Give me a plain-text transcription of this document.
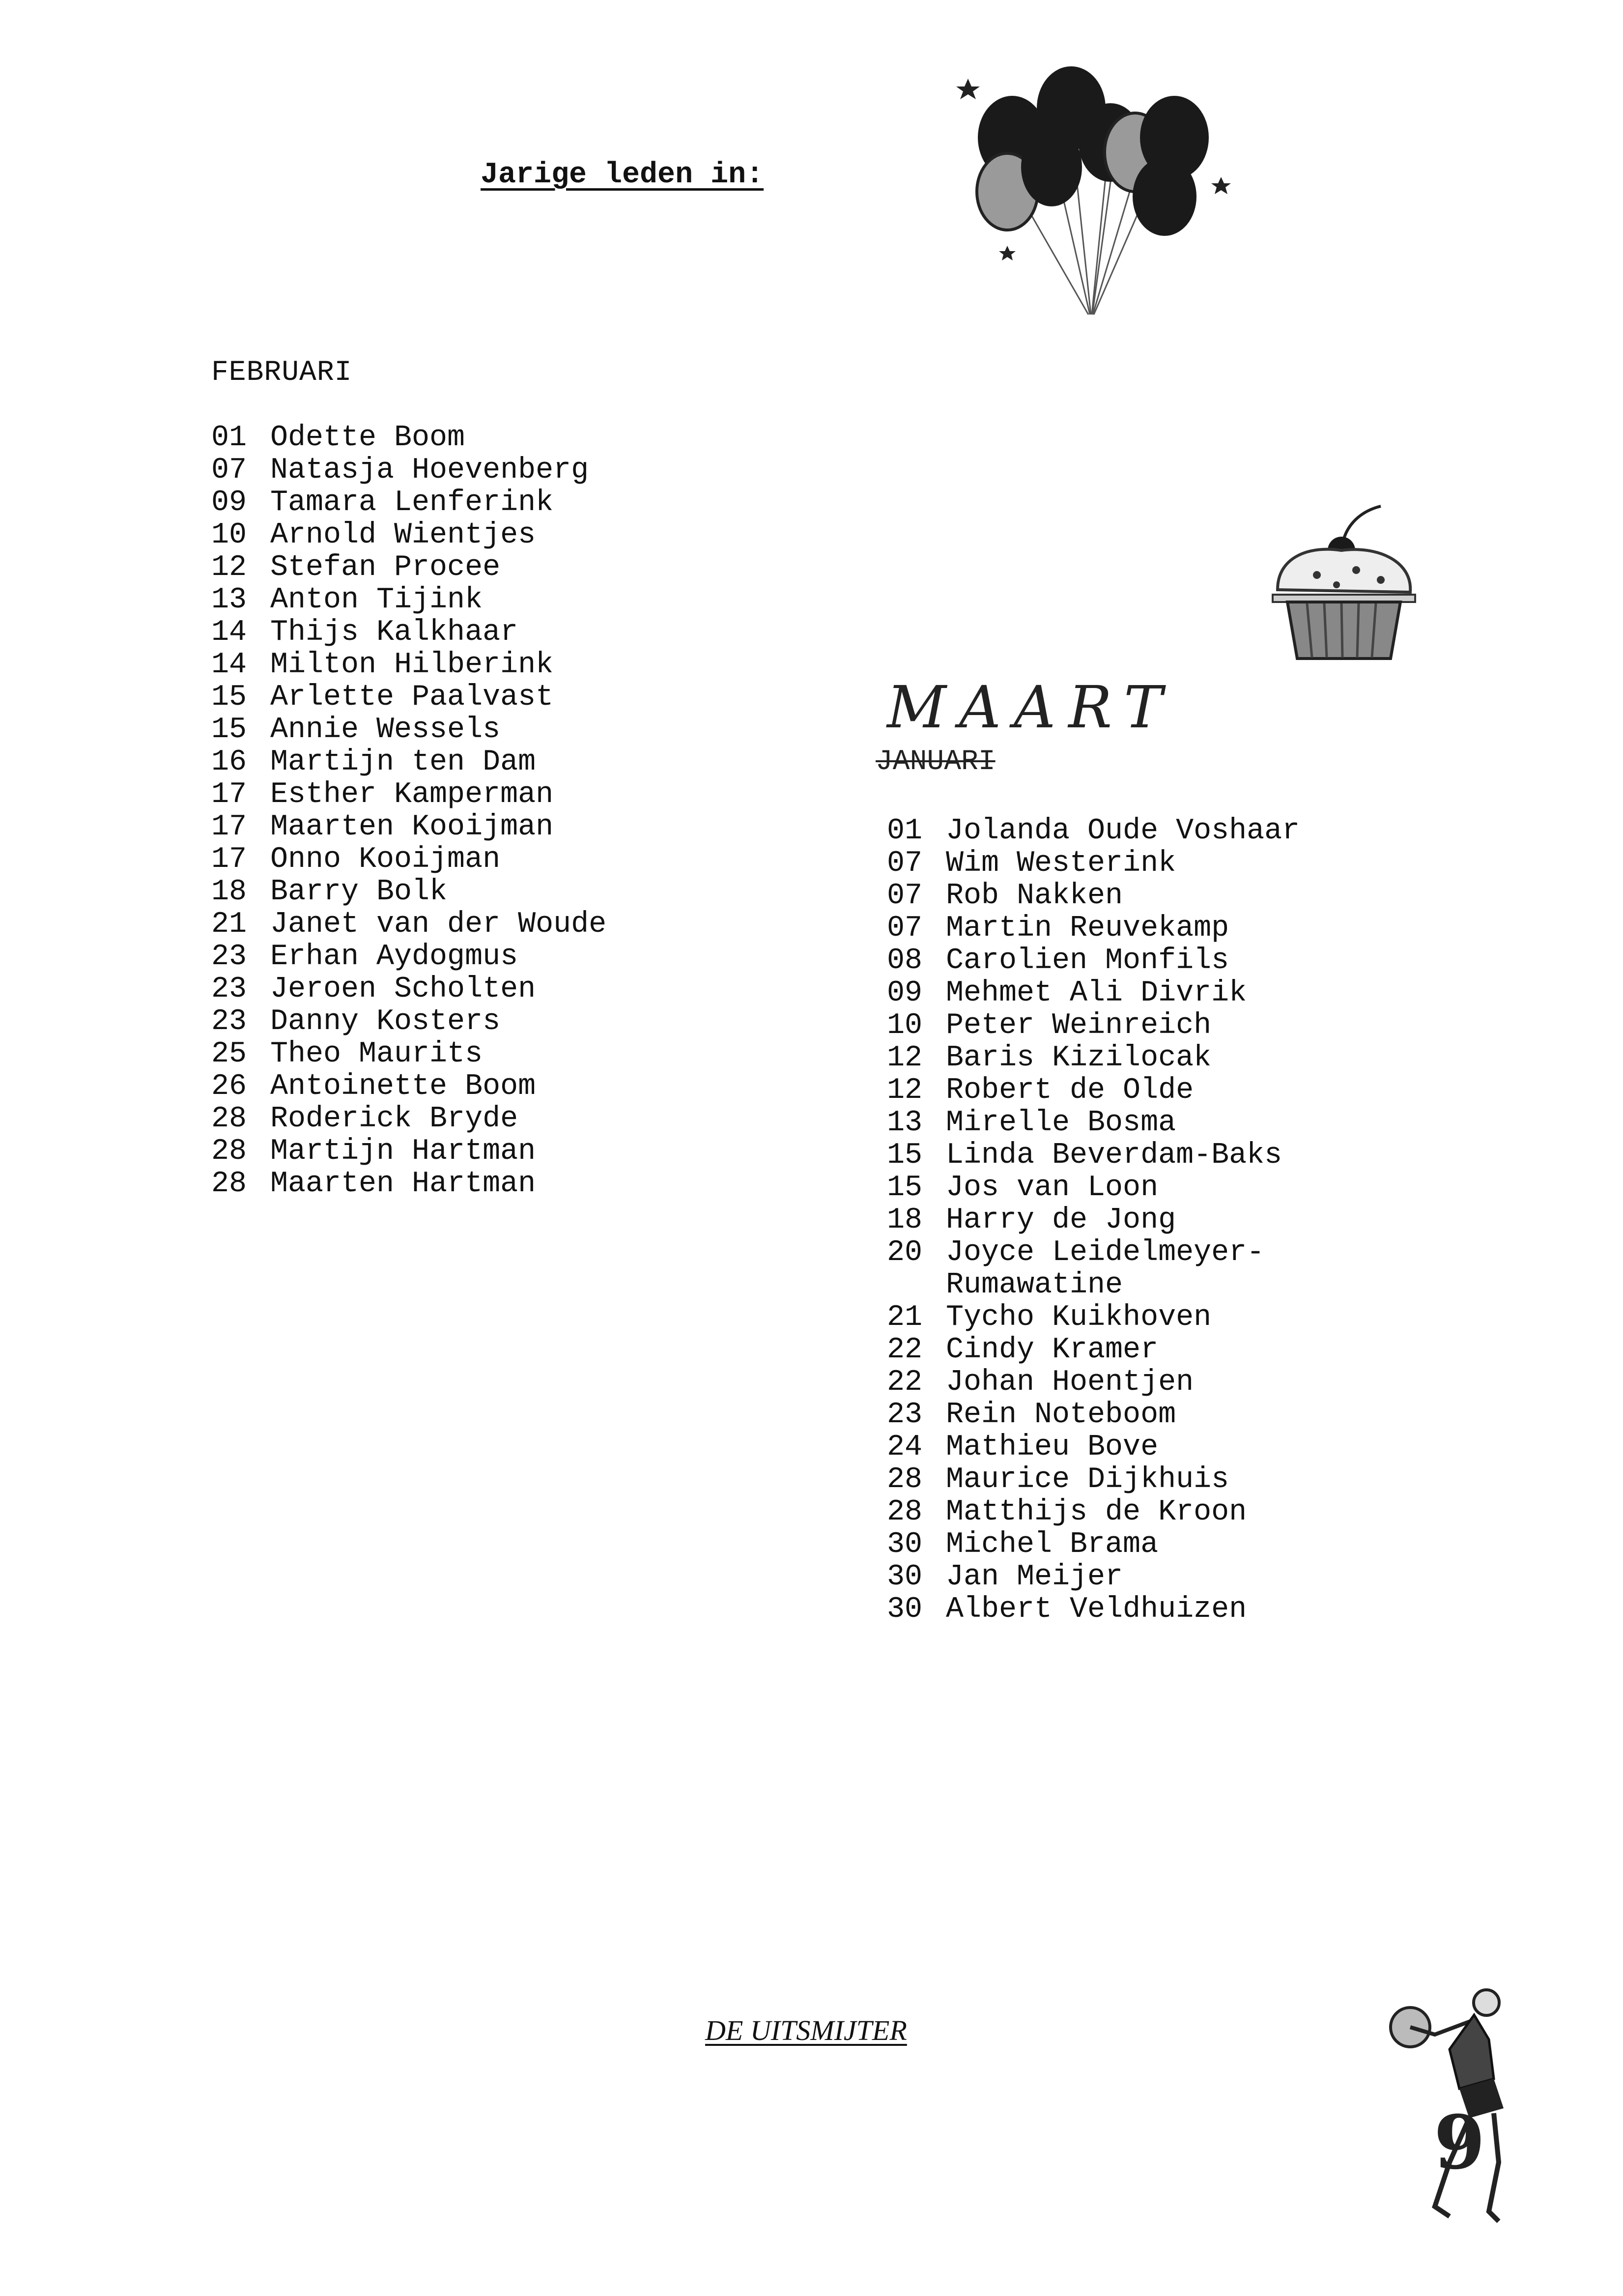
Jarige leden in:
FEBRUARI
01 Odette Boom
07 Natasja Hoevenberg
09 Tamara Lenferink
10 Arnold Wientjes
12 Stefan Procee
13 Anton Tijink
14 Thijs Kalkhaar
14 Milton Hilberink
15 Arlette Paalvast
15 Annie Wessels
16 Martijn ten Dam
17 Esther Kamperman
17 Maarten Kooijman
17 Onno Kooijman
18 Barry Bolk
21 Janet van der Woude
23 Erhan Aydogmus
23 Jeroen Scholten
23 Danny Kosters
25 Theo Maurits
26 Antoinette Boom
28 Roderick Bryde
28 Martijn Hartman
28 Maarten Hartman
MAART
JANUARI
01 Jolanda Oude Voshaar
07 Wim Westerink
07 Rob Nakken
07 Martin Reuvekamp
08 Carolien Monfils
09 Mehmet Ali Divrik
10 Peter Weinreich
12 Baris Kizilocak
12 Robert de Olde
13 Mirelle Bosma
15 Linda Beverdam-Baks
15 Jos van Loon
18 Harry de Jong
20 Joyce Leidelmeyer-
Rumawatine
21 Tycho Kuikhoven
22 Cindy Kramer
22 Johan Hoentjen
23 Rein Noteboom
24 Mathieu Bove
28 Maurice Dijkhuis
28 Matthijs de Kroon
30 Michel Brama
30 Jan Meijer
30 Albert Veldhuizen
DE UITSMIJTER
9
